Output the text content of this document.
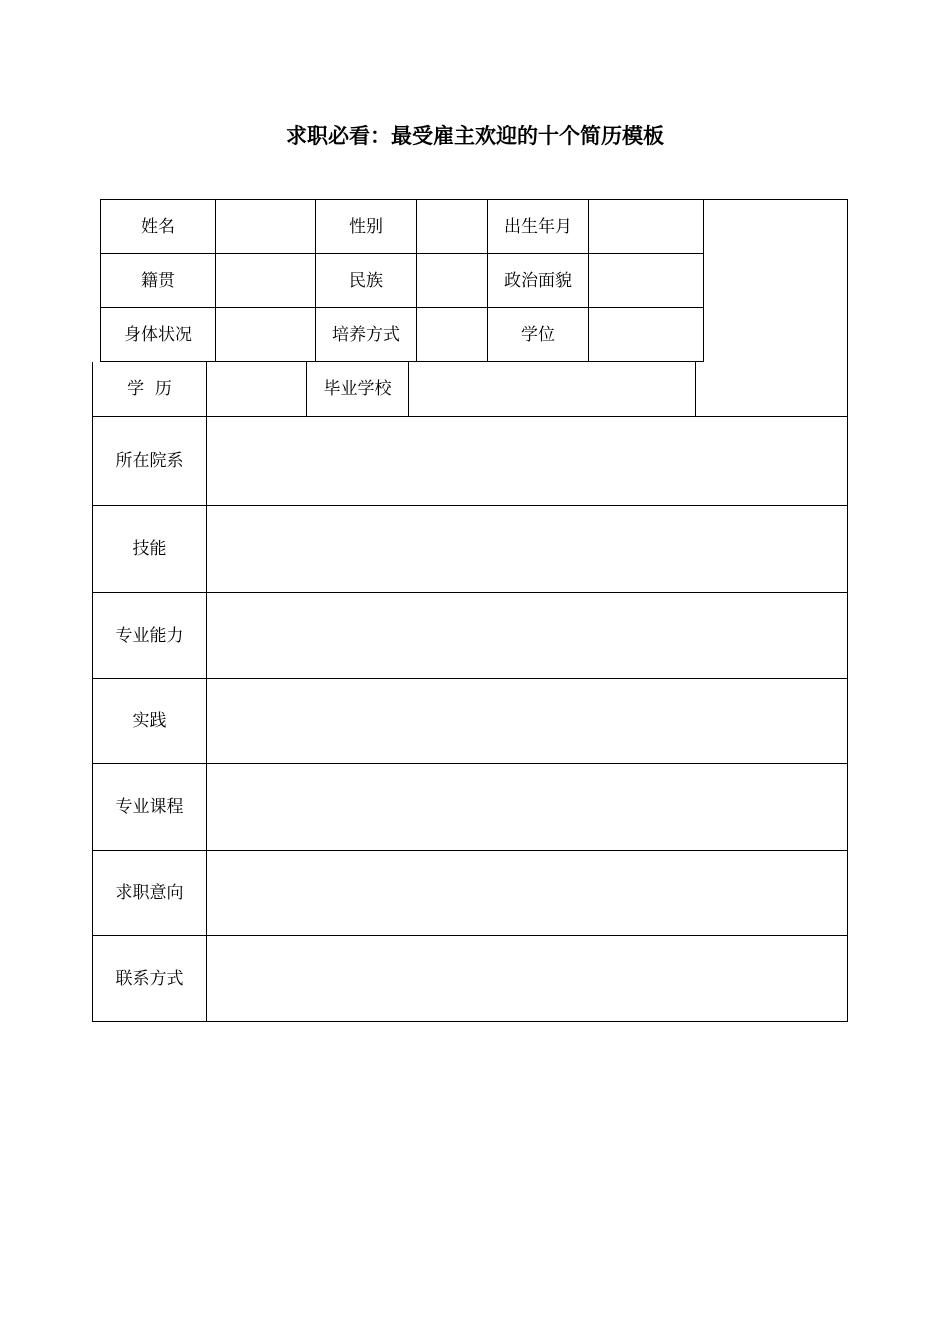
求职必看：最受雇主欢迎的十个简历模板
姓名	性别	出生年月
籍贯	民族	政治面貌
身体状况	培养方式	学位
学  历	毕业学校
所在院系
技能
专业能力
实践
专业课程
求职意向
联系方式
